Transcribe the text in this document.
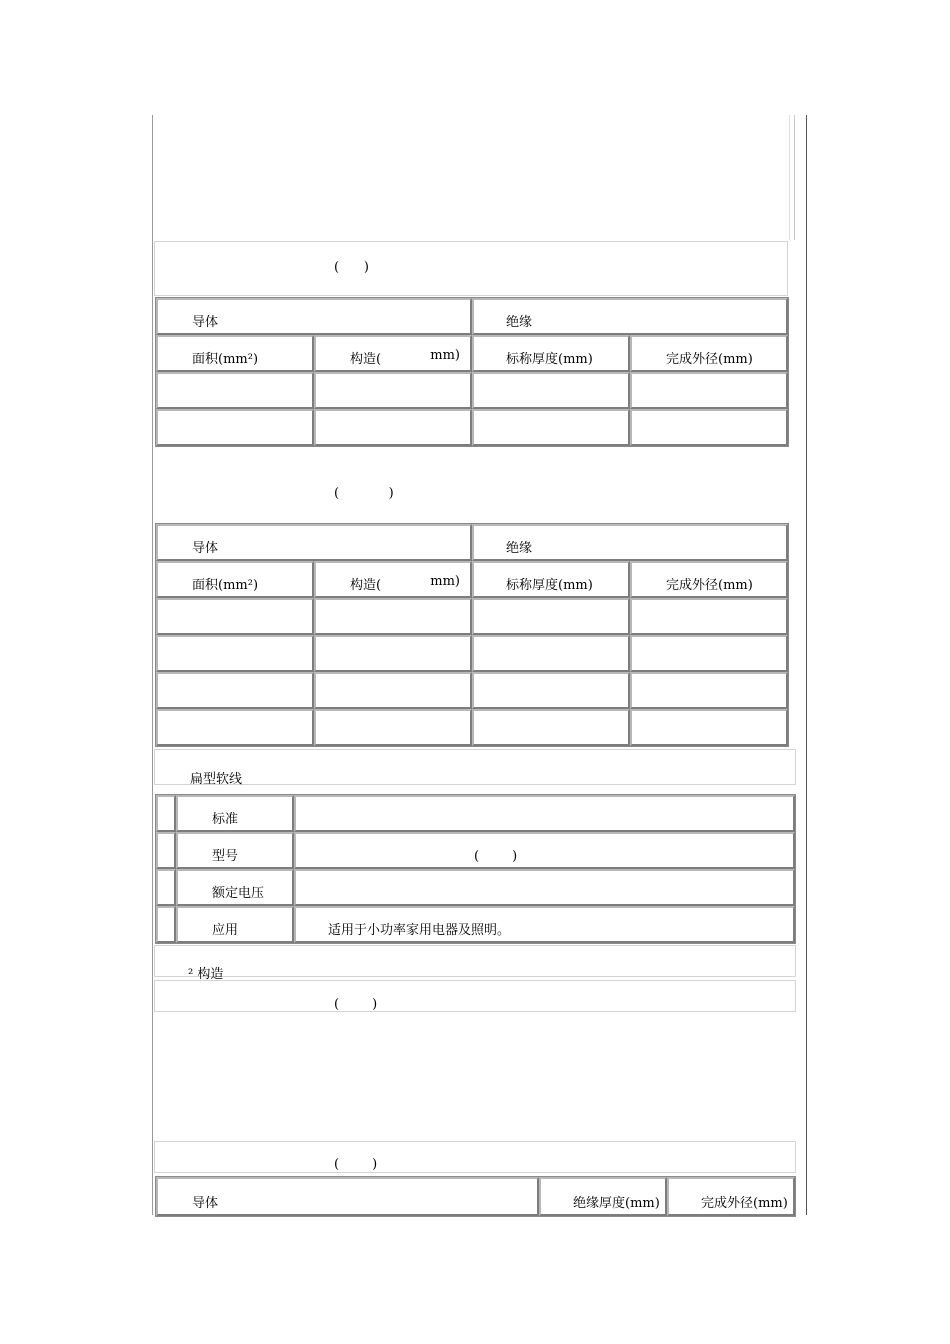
(      )
导体		绝缘	
面积(mm²)	构造( mm)	标称厚度(mm)	完成外径(mm)

(            )
导体		绝缘	
面积(mm²)	构造( mm)	标称厚度(mm)	完成外径(mm)

扁型软线
	标准	
	型号	(        )
	额定电压	
	应用	适用于小功率家用电器及照明。
² 构造
(        )
(        )
导体	绝缘厚度(mm)	完成外径(mm)
